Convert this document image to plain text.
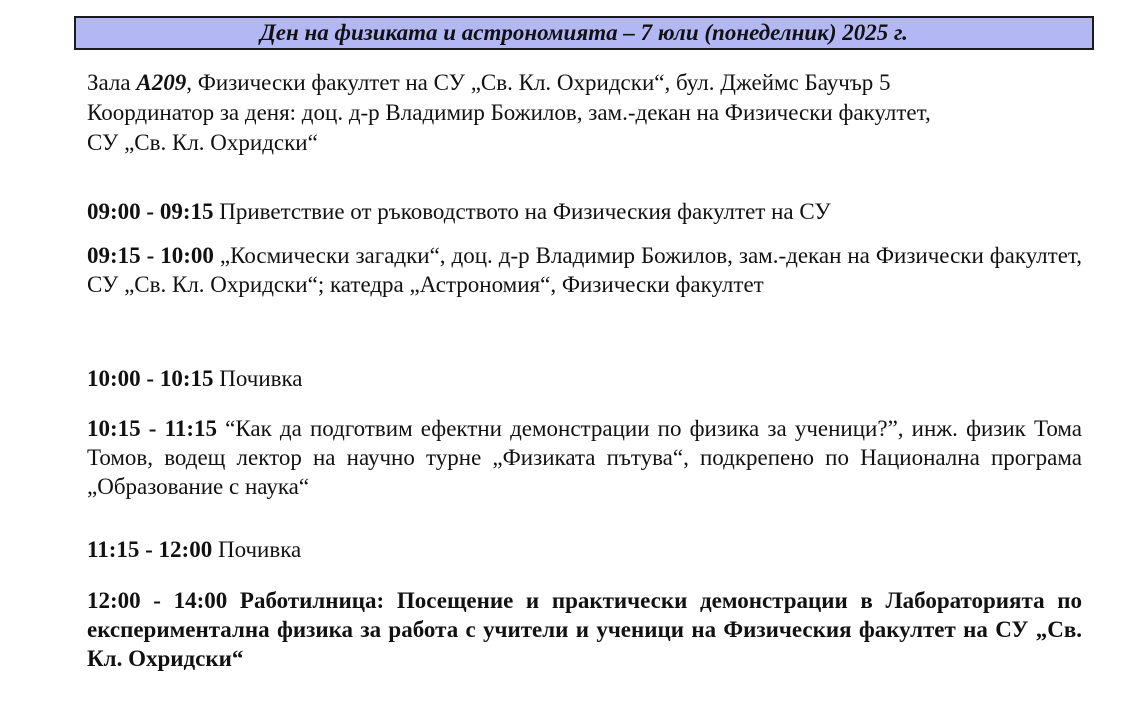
Ден на физиката и астрономията – 7 юли (понеделник) 2025 г.
Зала A209, Физически факултет на СУ „Св. Кл. Охридски“, бул. Джеймс Баучър 5
Координатор за деня: доц. д-р Владимир Божилов, зам.-декан на Физически факултет,
СУ „Св. Кл. Охридски“
09:00 - 09:15 Приветствие от ръководството на Физическия факултет на СУ
09:15 - 10:00 „Космически загадки“, доц. д-р Владимир Божилов, зам.-декан на Физически факултет, СУ „Св. Кл. Охридски“; катедра „Астрономия“, Физически факултет
10:00 - 10:15 Почивка
10:15 - 11:15 “Как да подготвим ефектни демонстрации по физика за ученици?”, инж. физик Тома Томов, водещ лектор на научно турне „Физиката пътува“, подкрепено по Национална програма „Образование с наука“
11:15 - 12:00 Почивка
12:00 - 14:00 Работилница: Посещение и практически демонстрации в Лабораторията по експериментална физика за работа с учители и ученици на Физическия факултет на СУ „Св. Кл. Охридски“
